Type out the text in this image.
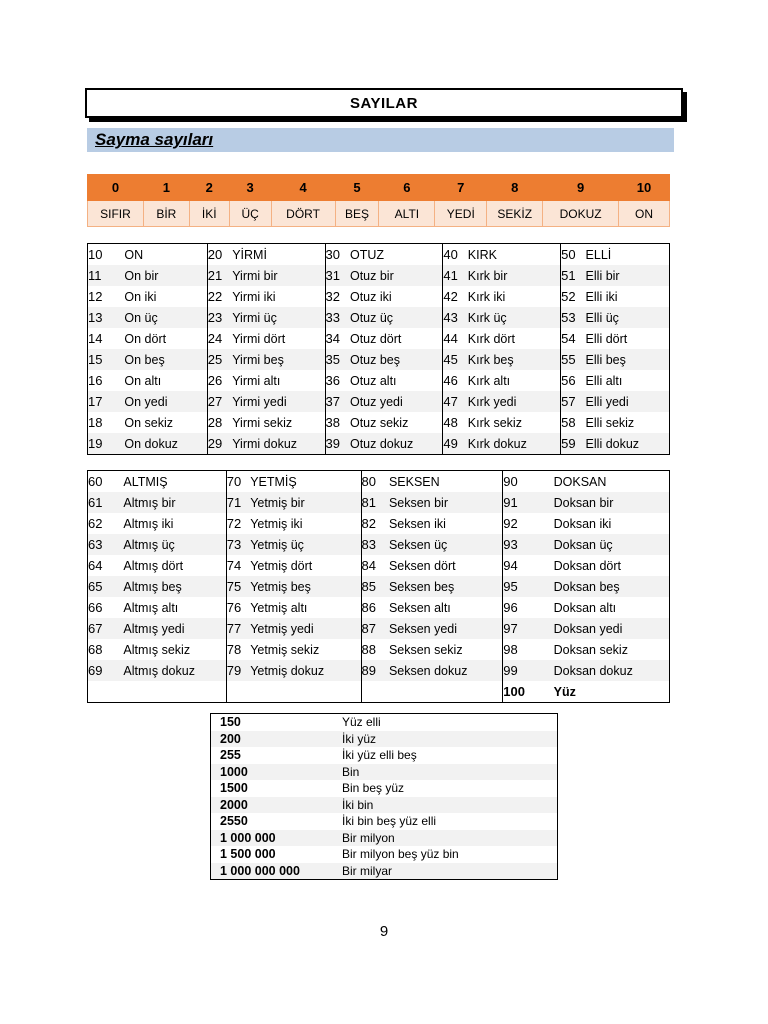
SAYILAR
Sayma sayıları
0	1	2	3	4	5	6	7	8	9	10
SIFIR	BİR	İKİ	ÜÇ	DÖRT	BEŞ	ALTI	YEDİ	SEKİZ	DOKUZ	ON
10	ON	20	YİRMİ	30	OTUZ	40	KIRK	50	ELLİ
11	On bir	21	Yirmi bir	31	Otuz bir	41	Kırk bir	51	Elli bir
12	On iki	22	Yirmi iki	32	Otuz iki	42	Kırk iki	52	Elli iki
13	On üç	23	Yirmi üç	33	Otuz üç	43	Kırk üç	53	Elli üç
14	On dört	24	Yirmi dört	34	Otuz dört	44	Kırk dört	54	Elli dört
15	On beş	25	Yirmi beş	35	Otuz beş	45	Kırk beş	55	Elli beş
16	On altı	26	Yirmi altı	36	Otuz altı	46	Kırk altı	56	Elli altı
17	On yedi	27	Yirmi yedi	37	Otuz yedi	47	Kırk yedi	57	Elli yedi
18	On sekiz	28	Yirmi sekiz	38	Otuz sekiz	48	Kırk sekiz	58	Elli sekiz
19	On dokuz	29	Yirmi dokuz	39	Otuz dokuz	49	Kırk dokuz	59	Elli dokuz
60	ALTMIŞ	70	YETMİŞ	80	SEKSEN	90	DOKSAN
61	Altmış bir	71	Yetmiş bir	81	Seksen bir	91	Doksan bir
62	Altmış iki	72	Yetmiş iki	82	Seksen iki	92	Doksan iki
63	Altmış üç	73	Yetmiş üç	83	Seksen üç	93	Doksan üç
64	Altmış dört	74	Yetmiş dört	84	Seksen dört	94	Doksan dört
65	Altmış beş	75	Yetmiş beş	85	Seksen beş	95	Doksan beş
66	Altmış altı	76	Yetmiş altı	86	Seksen altı	96	Doksan altı
67	Altmış yedi	77	Yetmiş yedi	87	Seksen yedi	97	Doksan yedi
68	Altmış sekiz	78	Yetmiş sekiz	88	Seksen sekiz	98	Doksan sekiz
69	Altmış dokuz	79	Yetmiş dokuz	89	Seksen dokuz	99	Doksan dokuz
						100	Yüz
150	Yüz elli
200	İki yüz
255	İki yüz elli beş
1000	Bin
1500	Bin beş yüz
2000	İki bin
2550	İki bin beş yüz elli
1 000 000	Bir milyon
1 500 000	Bir milyon beş yüz bin
1 000 000 000	Bir milyar
9
